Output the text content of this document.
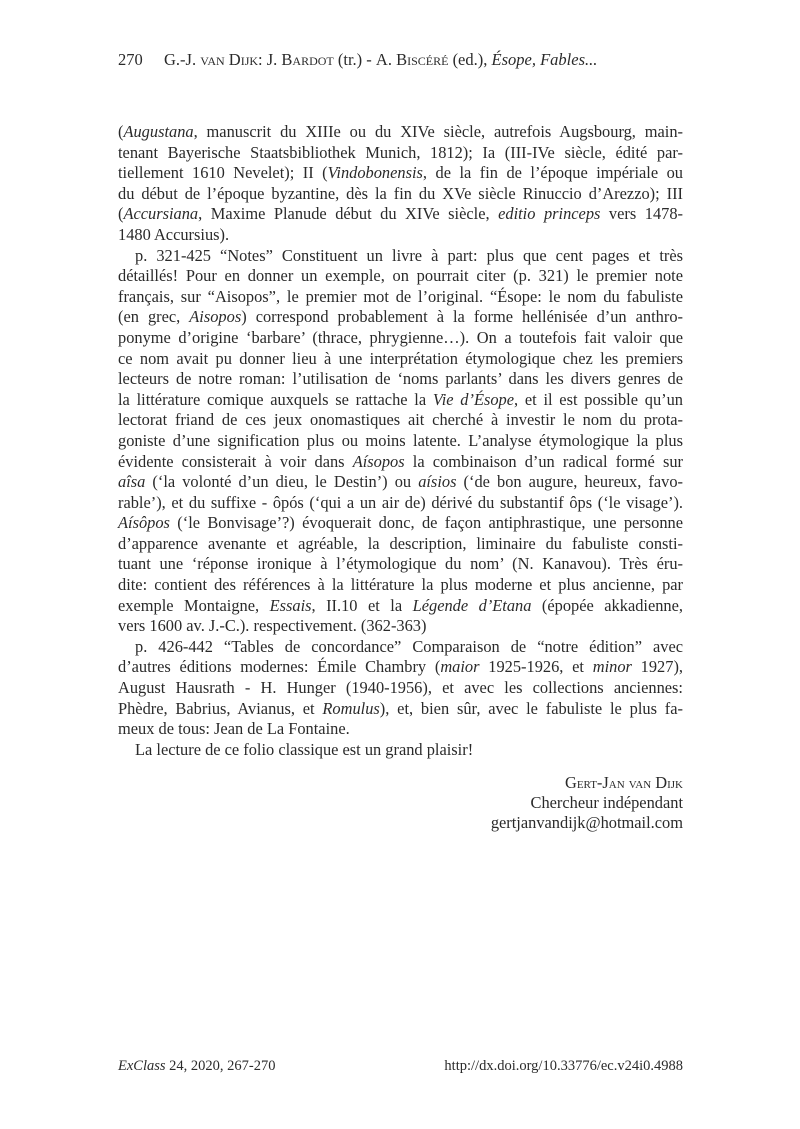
270 G.-J. van Dijk: J. Bardot (tr.) - A. Biscéré (ed.), Ésope, Fables...
(Augustana, manuscrit du XIIIe ou du XIVe siècle, autrefois Augsbourg, main-
tenant Bayerische Staatsbibliothek Munich, 1812); Ia (III-IVe siècle, édité par-
tiellement 1610 Nevelet); II (Vindobonensis, de la fin de l’époque impériale ou
du début de l’époque byzantine, dès la fin du XVe siècle Rinuccio d’Arezzo); III
(Accursiana, Maxime Planude début du XIVe siècle, editio princeps vers 1478-
1480 Accursius).
p. 321-425 “Notes” Constituent un livre à part: plus que cent pages et très
détaillés! Pour en donner un exemple, on pourrait citer (p. 321) le premier note
français, sur “Aisopos”, le premier mot de l’original. “Ésope: le nom du fabuliste
(en grec, Aisopos) correspond probablement à la forme hellénisée d’un anthro-
ponyme d’origine ‘barbare’ (thrace, phrygienne…). On a toutefois fait valoir que
ce nom avait pu donner lieu à une interprétation étymologique chez les premiers
lecteurs de notre roman: l’utilisation de ‘noms parlants’ dans les divers genres de
la littérature comique auxquels se rattache la Vie d’Ésope, et il est possible qu’un
lectorat friand de ces jeux onomastiques ait cherché à investir le nom du prota-
goniste d’une signification plus ou moins latente. L’analyse étymologique la plus
évidente consisterait à voir dans Aísopos la combinaison d’un radical formé sur
aîsa (‘la volonté d’un dieu, le Destin’) ou aísios (‘de bon augure, heureux, favo-
rable’), et du suffixe - ôpós (‘qui a un air de) dérivé du substantif ôps (‘le visage’).
Aísôpos (‘le Bonvisage’?) évoquerait donc, de façon antiphrastique, une personne
d’apparence avenante et agréable, la description, liminaire du fabuliste consti-
tuant une ‘réponse ironique à l’étymologique du nom’ (N. Kanavou). Très éru-
dite: contient des références à la littérature la plus moderne et plus ancienne, par
exemple Montaigne, Essais, II.10 et la Légende d’Etana (épopée akkadienne,
vers 1600 av. J.-C.). respectivement. (362-363)
p. 426-442 “Tables de concordance” Comparaison de “notre édition” avec
d’autres éditions modernes: Émile Chambry (maior 1925-1926, et minor 1927),
August Hausrath - H. Hunger (1940-1956), et avec les collections anciennes:
Phèdre, Babrius, Avianus, et Romulus), et, bien sûr, avec le fabuliste le plus fa-
meux de tous: Jean de La Fontaine.
La lecture de ce folio classique est un grand plaisir!
Gert-Jan van Dijk
Chercheur indépendant
gertjanvandijk@hotmail.com
ExClass 24, 2020, 267-270	http://dx.doi.org/10.33776/ec.v24i0.4988
